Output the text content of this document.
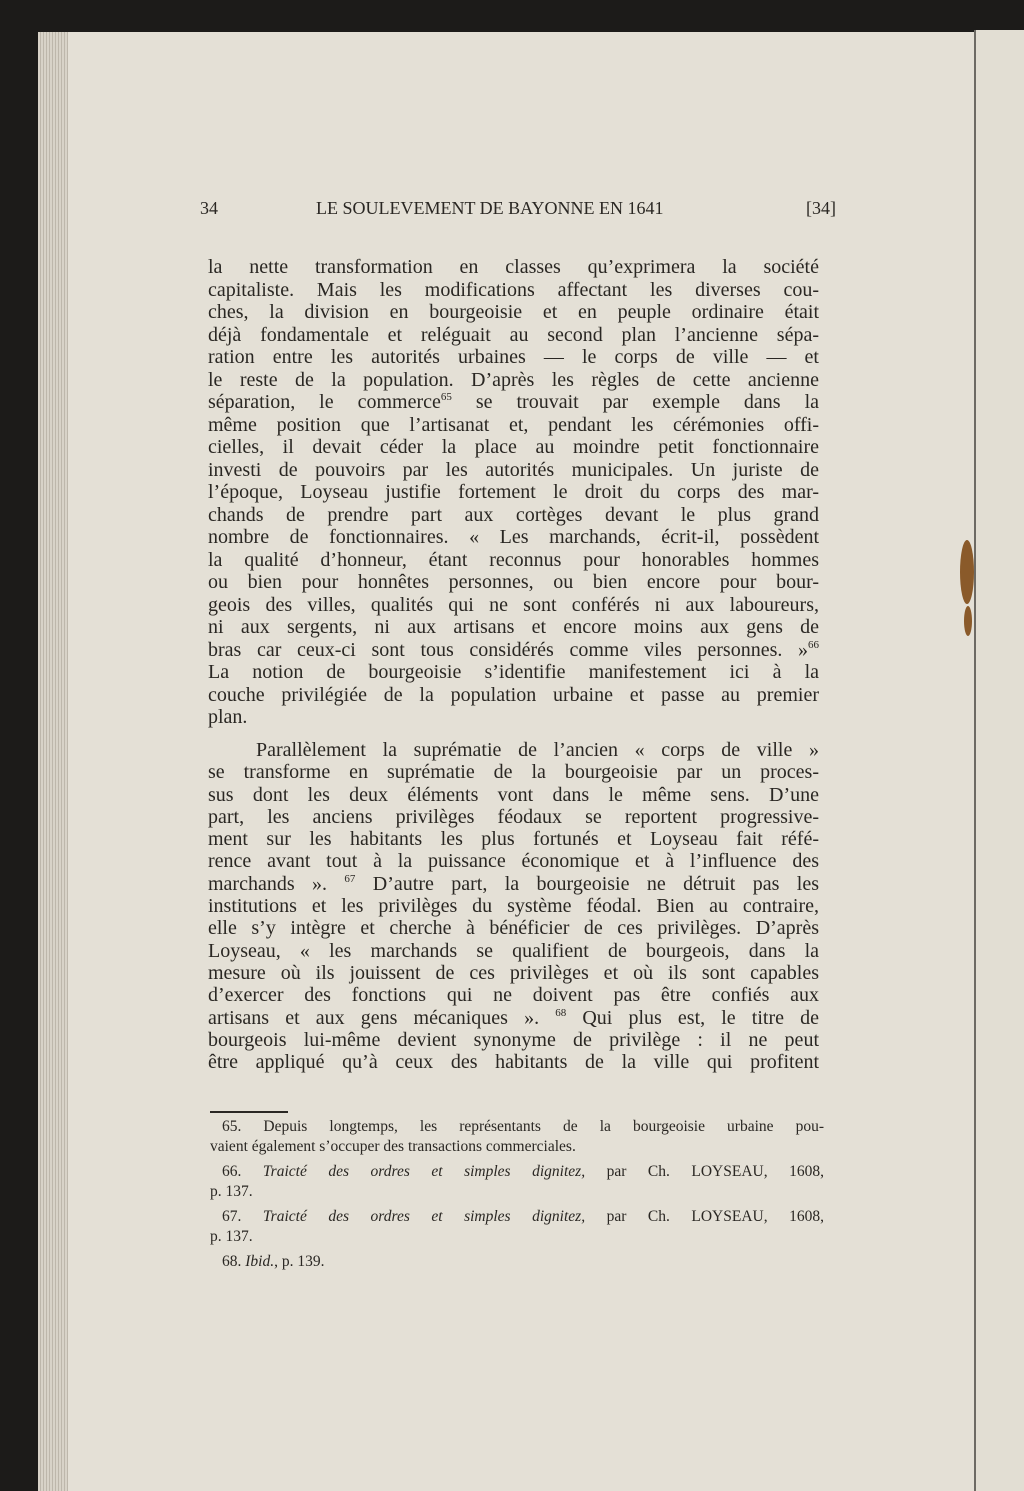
34	LE SOULEVEMENT DE BAYONNE EN 1641	[34]
la nette transformation en classes qu’exprimera la société
capitaliste. Mais les modifications affectant les diverses cou-
ches, la division en bourgeoisie et en peuple ordinaire était
déjà fondamentale et reléguait au second plan l’ancienne sépa-
ration entre les autorités urbaines — le corps de ville — et
le reste de la population. D’après les règles de cette ancienne
séparation, le commerce$^{65}$ se trouvait par exemple dans la
même position que l’artisanat et, pendant les cérémonies offi-
cielles, il devait céder la place au moindre petit fonctionnaire
investi de pouvoirs par les autorités municipales. Un juriste de
l’époque, Loyseau justifie fortement le droit du corps des mar-
chands de prendre part aux cortèges devant le plus grand
nombre de fonctionnaires. « Les marchands, écrit-il, possèdent
la qualité d’honneur, étant reconnus pour honorables hommes
ou bien pour honnêtes personnes, ou bien encore pour bour-
geois des villes, qualités qui ne sont conférés ni aux laboureurs,
ni aux sergents, ni aux artisans et encore moins aux gens de
bras car ceux-ci sont tous considérés comme viles personnes. »$^{66}$
La notion de bourgeoisie s’identifie manifestement ici à la
couche privilégiée de la population urbaine et passe au premier
plan.
Parallèlement la suprématie de l’ancien « corps de ville »
se transforme en suprématie de la bourgeoisie par un proces-
sus dont les deux éléments vont dans le même sens. D’une
part, les anciens privilèges féodaux se reportent progressive-
ment sur les habitants les plus fortunés et Loyseau fait réfé-
rence avant tout à la puissance économique et à l’influence des
marchands ». $^{67}$ D’autre part, la bourgeoisie ne détruit pas les
institutions et les privilèges du système féodal. Bien au contraire,
elle s’y intègre et cherche à bénéficier de ces privilèges. D’après
Loyseau, « les marchands se qualifient de bourgeois, dans la
mesure où ils jouissent de ces privilèges et où ils sont capables
d’exercer des fonctions qui ne doivent pas être confiés aux
artisans et aux gens mécaniques ». $^{68}$ Qui plus est, le titre de
bourgeois lui-même devient synonyme de privilège : il ne peut
être appliqué qu’à ceux des habitants de la ville qui profitent
65. Depuis longtemps, les représentants de la bourgeoisie urbaine pou-
vaient également s’occuper des transactions commerciales.
66. Traicté des ordres et simples dignitez, par Ch. LOYSEAU, 1608,
p. 137.
67. Traicté des ordres et simples dignitez, par Ch. LOYSEAU, 1608,
p. 137.
68. Ibid., p. 139.
